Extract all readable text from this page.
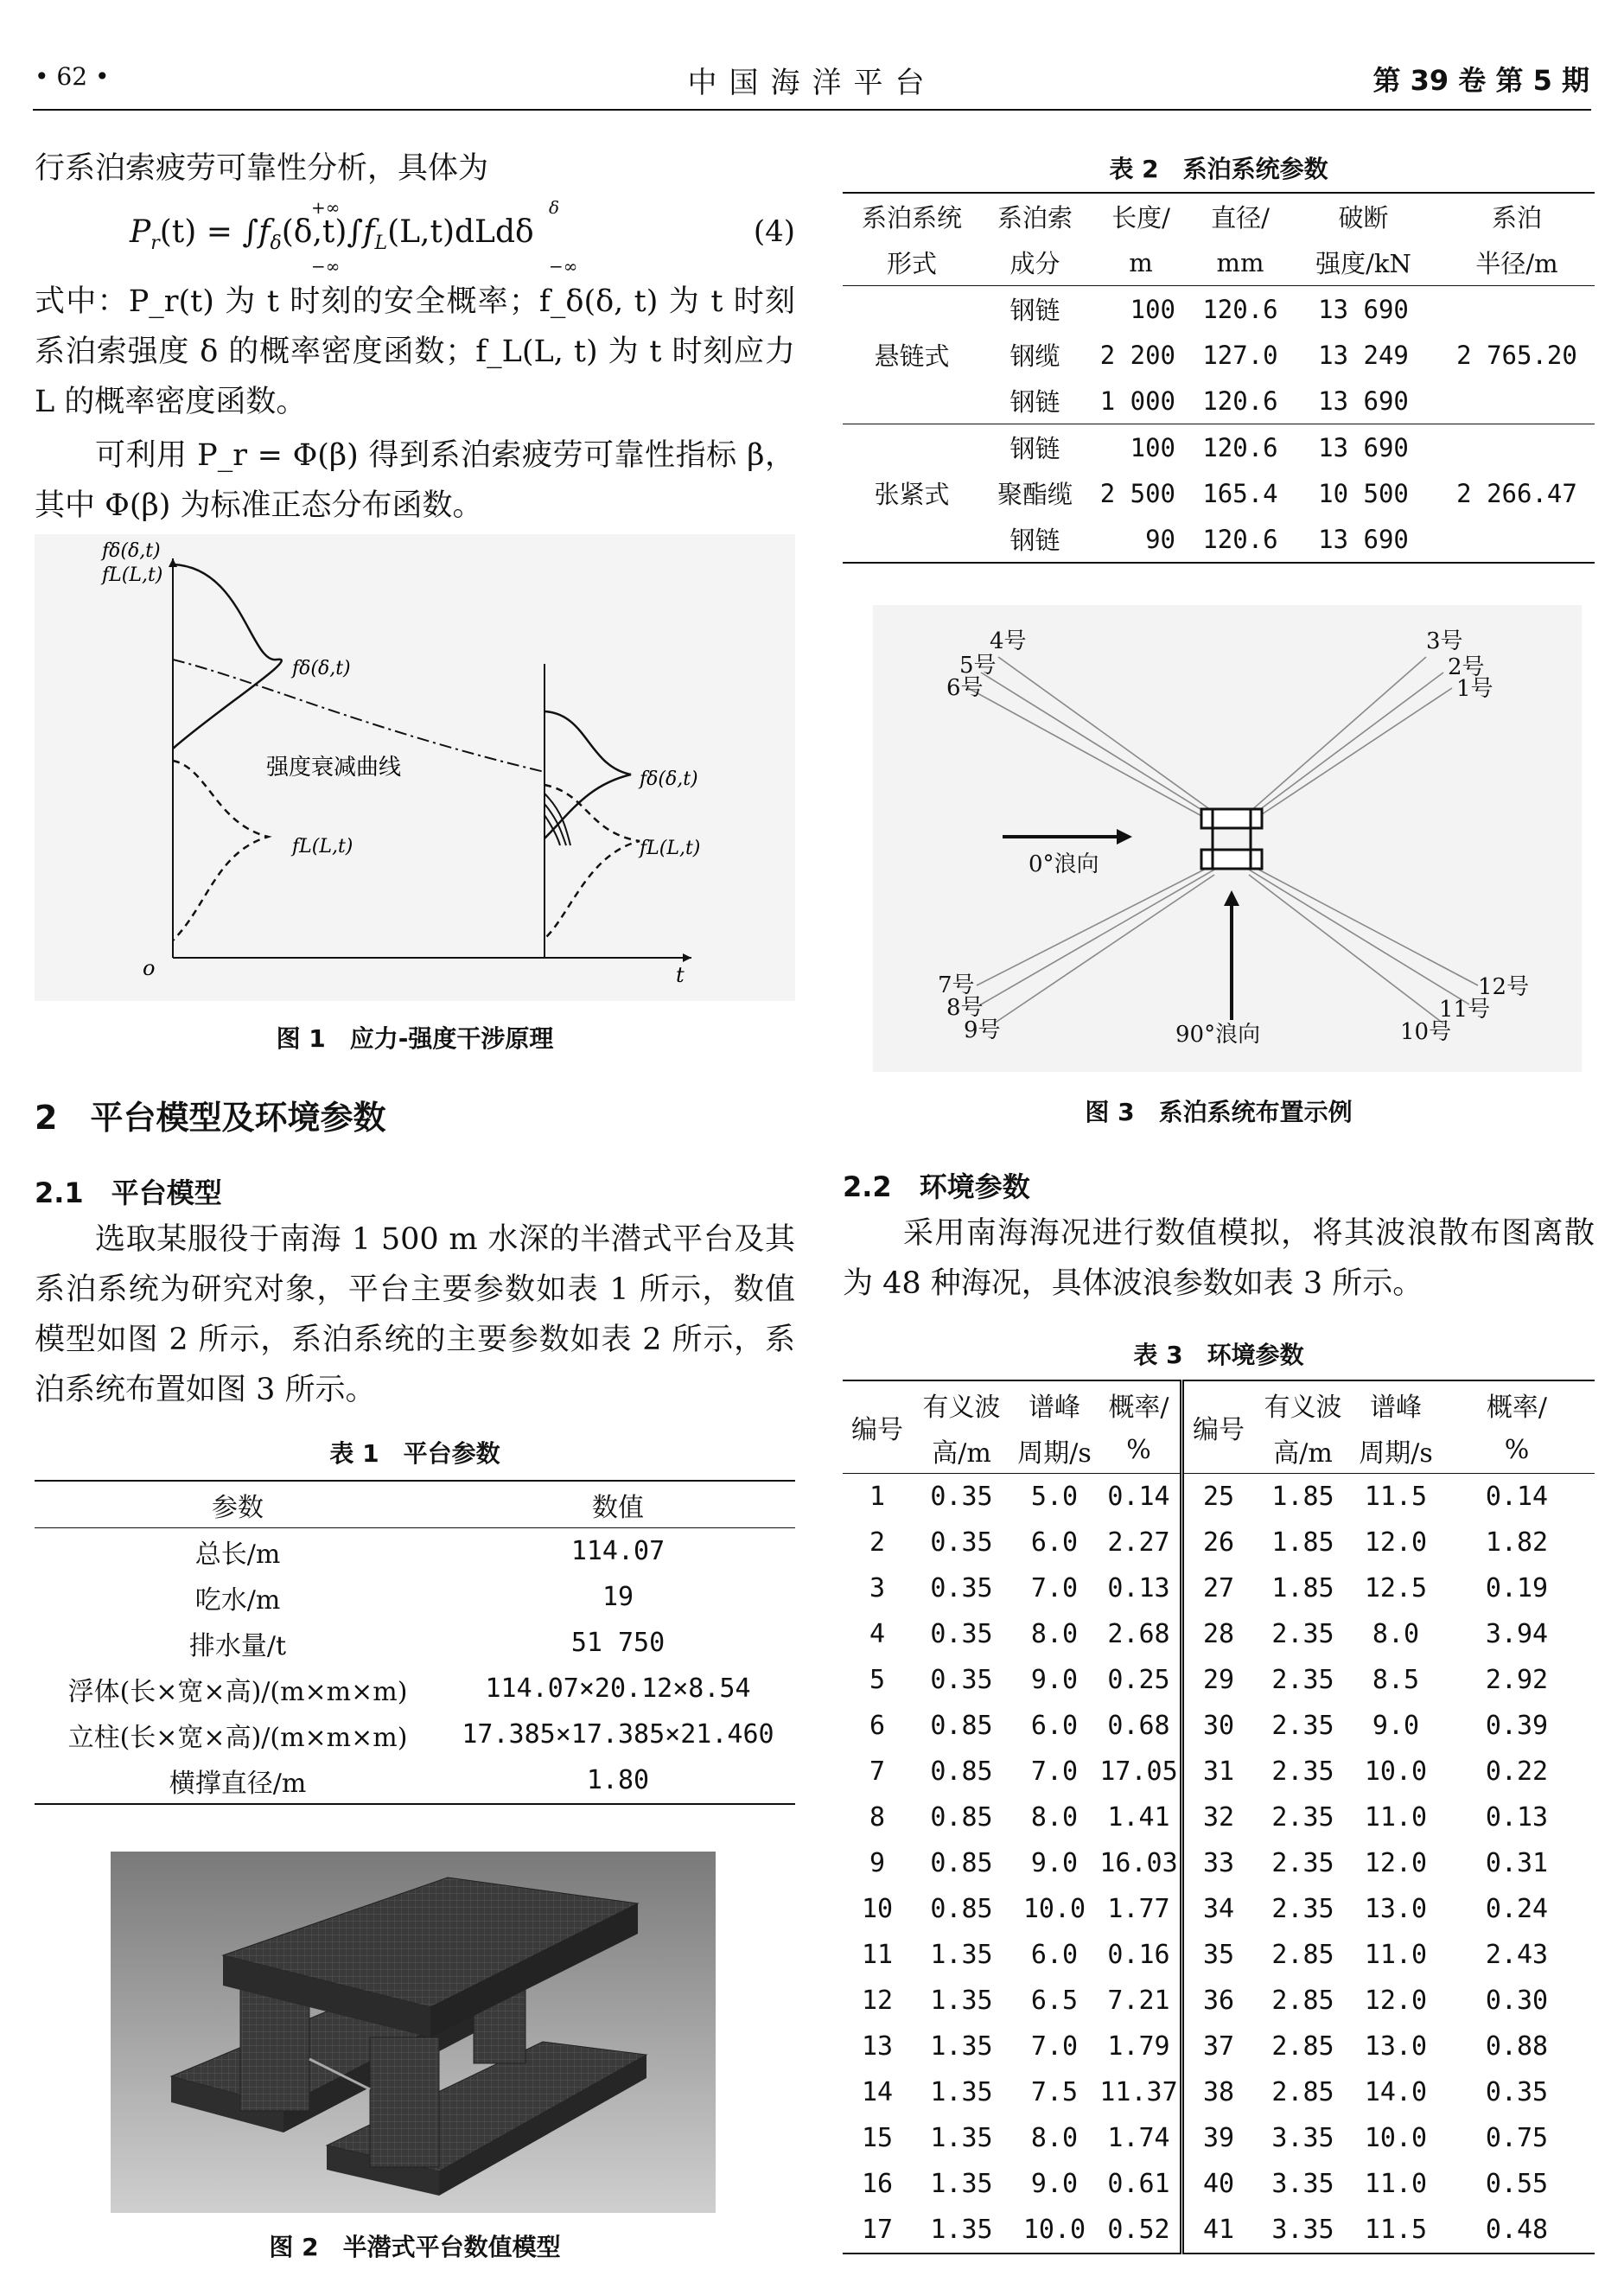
• 62 •	中国海洋平台	第 39 卷 第 5 期
行系泊索疲劳可靠性分析，具体为
$P_r(t) = \int f_\delta(\delta,t)\int f_L(L,t)dLd\delta$
+∞
−∞
δ
−∞
(4)
式中：P_r(t) 为 t 时刻的安全概率；f_δ(δ, t) 为 t 时刻系泊索强度 δ 的概率密度函数；f_L(L, t) 为 t 时刻应力 L 的概率密度函数。
可利用 P_r = Φ(β) 得到系泊索疲劳可靠性指标 β，其中 Φ(β) 为标准正态分布函数。
fδ(δ,t)
fL(L,t)
fδ(δ,t)
fL(L,t)
fδ(δ,t)
fL(L,t)
强度衰减曲线
o	t
图 1　应力-强度干涉原理
2　平台模型及环境参数
2.1　平台模型
选取某服役于南海 1 500 m 水深的半潜式平台及其系泊系统为研究对象，平台主要参数如表 1 所示，数值模型如图 2 所示，系泊系统的主要参数如表 2 所示，系泊系统布置如图 3 所示。
表 1　平台参数
参数	数值
总长/m	114.07
吃水/m	19
排水量/t	51 750
浮体(长×宽×高)/(m×m×m)	114.07×20.12×8.54
立柱(长×宽×高)/(m×m×m)	17.385×17.385×21.460
横撑直径/m	1.80
图 2　半潜式平台数值模型
表 2　系泊系统参数
系泊系统	系泊索	长度/	直径/	破断	系泊
形式	成分	m	mm	强度/kN	半径/m
悬链式	钢链	100	120.6	13 690	2 765.20
	钢缆	2 200	127.0	13 249	
	钢链	1 000	120.6	13 690	
张紧式	钢链	100	120.6	13 690	2 266.47
	聚酯缆	2 500	165.4	10 500	
	钢链	90	120.6	13 690	
1号
2号
3号
4号
5号
6号
7号
8号
9号	10号
11号
12号
0°浪向
90°浪向
图 3　系泊系统布置示例
2.2　环境参数
采用南海海况进行数值模拟，将其波浪散布图离散为 48 种海况，具体波浪参数如表 3 所示。
表 3　环境参数
编号	有义波	谱峰	概率/	编号	有义波	谱峰	概率/
	高/m	周期/s	%		高/m	周期/s	%
1	0.35	5.0	0.14	25	1.85	11.5	0.14
2	0.35	6.0	2.27	26	1.85	12.0	1.82
3	0.35	7.0	0.13	27	1.85	12.5	0.19
4	0.35	8.0	2.68	28	2.35	8.0	3.94
5	0.35	9.0	0.25	29	2.35	8.5	2.92
6	0.85	6.0	0.68	30	2.35	9.0	0.39
7	0.85	7.0	17.05	31	2.35	10.0	0.22
8	0.85	8.0	1.41	32	2.35	11.0	0.13
9	0.85	9.0	16.03	33	2.35	12.0	0.31
10	0.85	10.0	1.77	34	2.35	13.0	0.24
11	1.35	6.0	0.16	35	2.85	11.0	2.43
12	1.35	6.5	7.21	36	2.85	12.0	0.30
13	1.35	7.0	1.79	37	2.85	13.0	0.88
14	1.35	7.5	11.37	38	2.85	14.0	0.35
15	1.35	8.0	1.74	39	3.35	10.0	0.75
16	1.35	9.0	0.61	40	3.35	11.0	0.55
17	1.35	10.0	0.52	41	3.35	11.5	0.48
